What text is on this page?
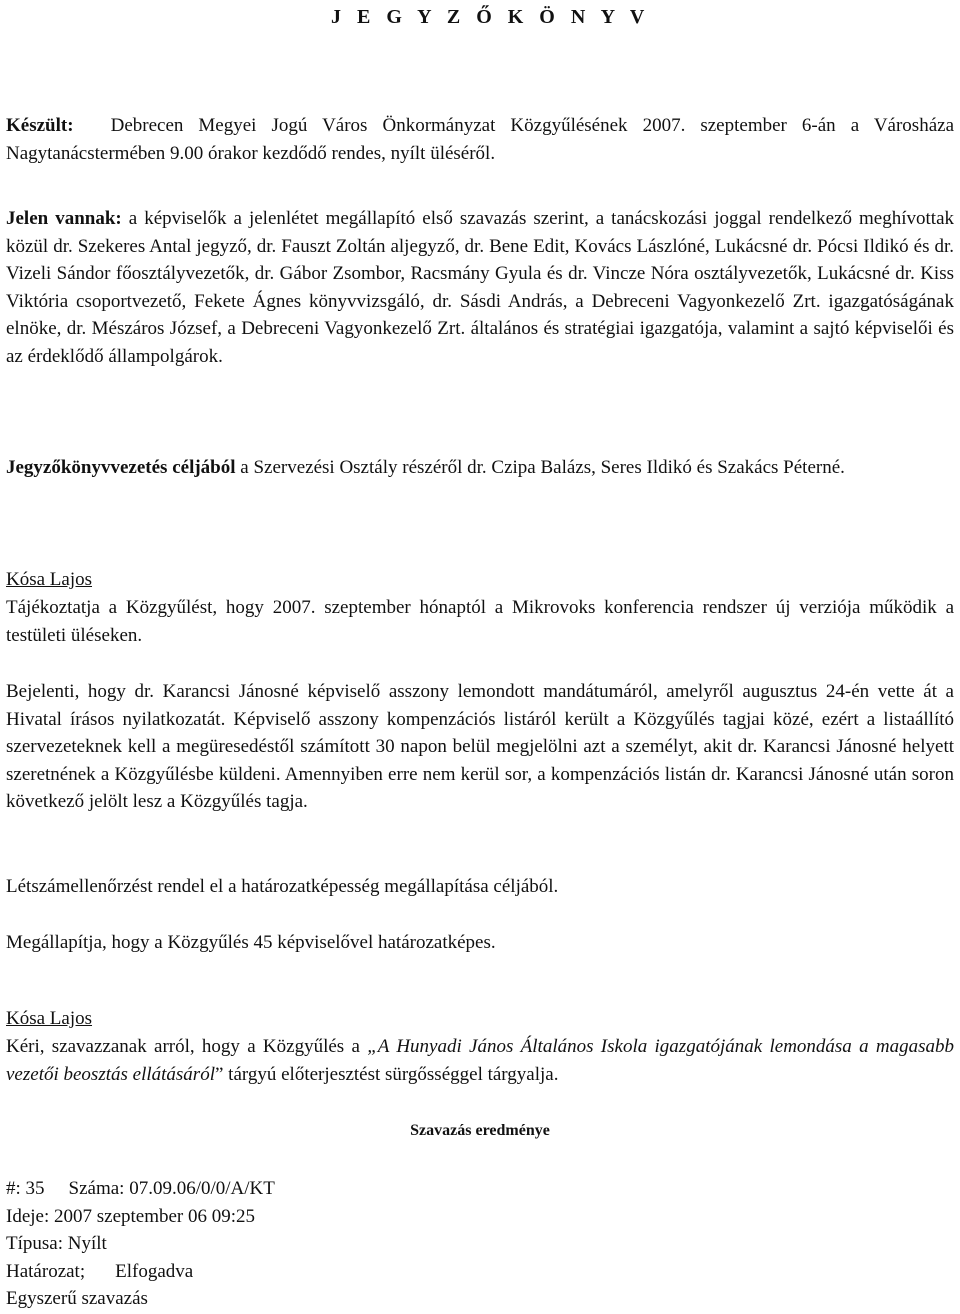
J E G Y Z Ő K Ö N Y V
Készült: Debrecen Megyei Jogú Város Önkormányzat Közgyűlésének 2007. szeptember 6-án a Városháza Nagytanácstermében 9.00 órakor kezdődő rendes, nyílt üléséről.
Jelen vannak: a képviselők a jelenlétet megállapító első szavazás szerint, a tanácskozási joggal rendelkező meghívottak közül dr. Szekeres Antal jegyző, dr. Fauszt Zoltán aljegyző, dr. Bene Edit, Kovács Lászlóné, Lukácsné dr. Pócsi Ildikó és dr. Vizeli Sándor főosztályvezetők, dr. Gábor Zsombor, Racsmány Gyula és dr. Vincze Nóra osztályvezetők, Lukácsné dr. Kiss Viktória csoportvezető, Fekete Ágnes könyvvizsgáló, dr. Sásdi András, a Debreceni Vagyonkezelő Zrt. igazgatóságának elnöke, dr. Mészáros József, a Debreceni Vagyonkezelő Zrt. általános és stratégiai igazgatója, valamint a sajtó képviselői és az érdeklődő állampolgárok.
Jegyzőkönyvvezetés céljából a Szervezési Osztály részéről dr. Czipa Balázs, Seres Ildikó és Szakács Péterné.
Kósa Lajos
Tájékoztatja a Közgyűlést, hogy 2007. szeptember hónaptól a Mikrovoks konferencia rendszer új verziója működik a testületi üléseken.
Bejelenti, hogy dr. Karancsi Jánosné képviselő asszony lemondott mandátumáról, amelyről augusztus 24-én vette át a Hivatal írásos nyilatkozatát. Képviselő asszony kompenzációs listáról került a Közgyűlés tagjai közé, ezért a listaállító szervezeteknek kell a megüresedéstől számított 30 napon belül megjelölni azt a személyt, akit dr. Karancsi Jánosné helyett szeretnének a Közgyűlésbe küldeni. Amennyiben erre nem kerül sor, a kompenzációs listán dr. Karancsi Jánosné után soron következő jelölt lesz a Közgyűlés tagja.
Létszámellenőrzést rendel el a határozatképesség megállapítása céljából.
Megállapítja, hogy a Közgyűlés 45 képviselővel határozatképes.
Kósa Lajos
Kéri, szavazzanak arról, hogy a Közgyűlés a „A Hunyadi János Általános Iskola igazgatójának lemondása a magasabb vezetői beosztás ellátásáról” tárgyú előterjesztést sürgősséggel tárgyalja.
#: 35 Száma: 07.09.06/0/0/A/KT
Ideje: 2007 szeptember 06 09:25
Típusa: Nyílt
Határozat; Elfogadva
Egyszerű szavazás
Szavazás eredménye
